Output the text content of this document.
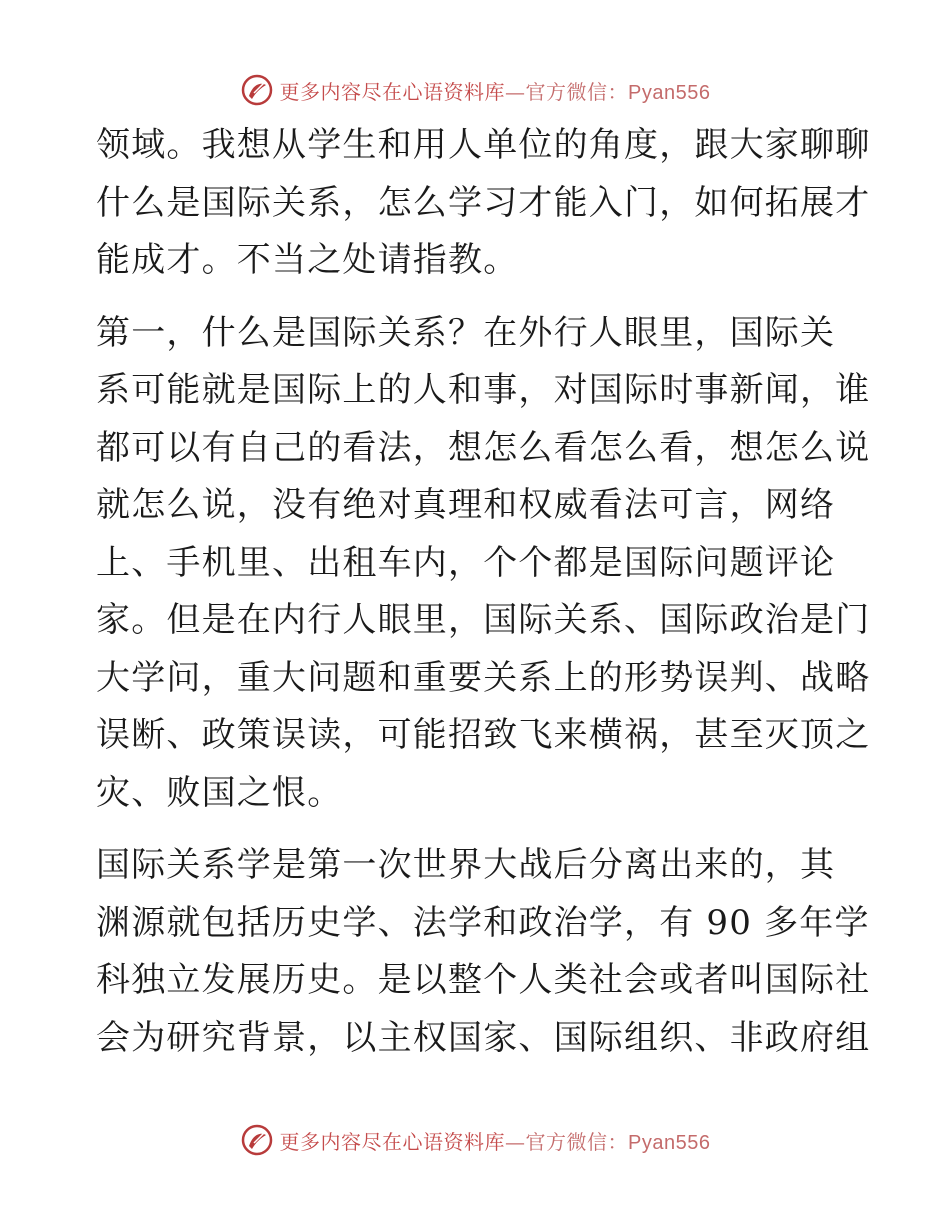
更多内容尽在心语资料库—官方微信：Pyan556

领域。我想从学生和用人单位的角度，跟大家聊聊
什么是国际关系，怎么学习才能入门，如何拓展才
能成才。不当之处请指教。

第一，什么是国际关系？在外行人眼里，国际关
系可能就是国际上的人和事，对国际时事新闻，谁
都可以有自己的看法，想怎么看怎么看，想怎么说
就怎么说，没有绝对真理和权威看法可言，网络
上、手机里、出租车内，个个都是国际问题评论
家。但是在内行人眼里，国际关系、国际政治是门
大学问，重大问题和重要关系上的形势误判、战略
误断、政策误读，可能招致飞来横祸，甚至灭顶之
灾、败国之恨。

国际关系学是第一次世界大战后分离出来的，其
渊源就包括历史学、法学和政治学，有 90 多年学
科独立发展历史。是以整个人类社会或者叫国际社
会为研究背景，以主权国家、国际组织、非政府组

更多内容尽在心语资料库—官方微信：Pyan556
